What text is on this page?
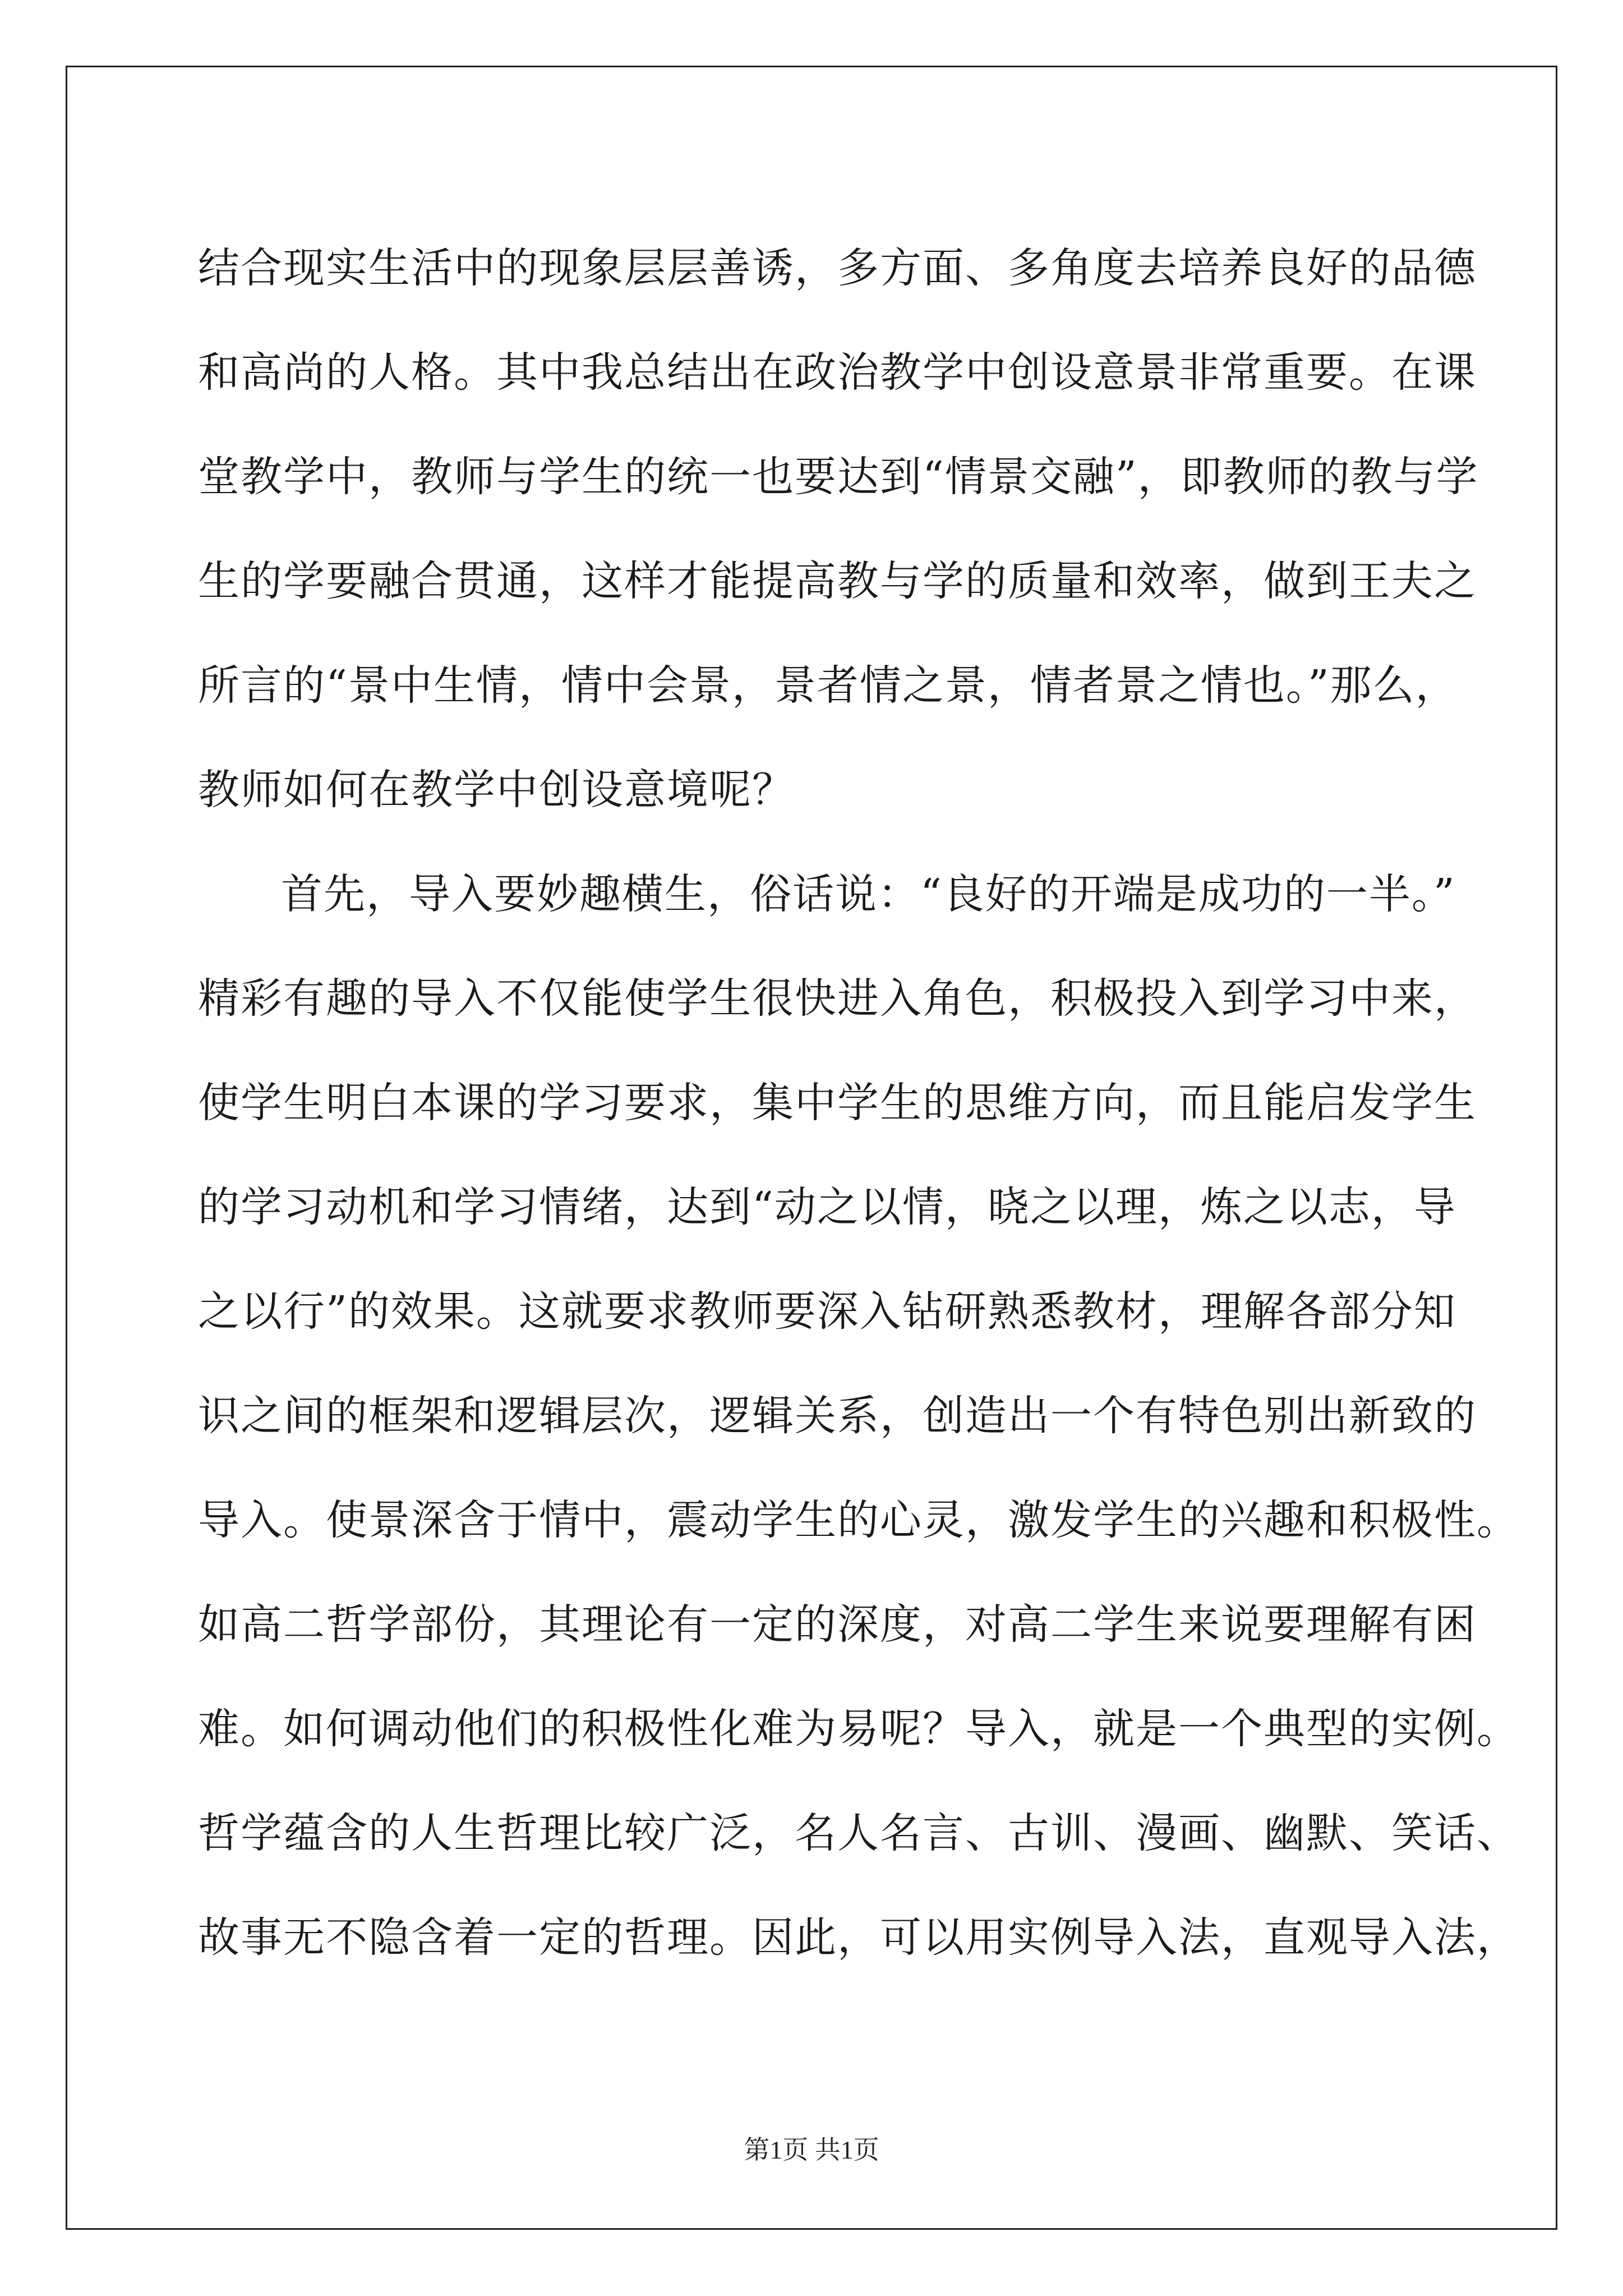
结合现实生活中的现象层层善诱，多方面、多角度去培养良好的品德
和高尚的人格。其中我总结出在政治教学中创设意景非常重要。在课
堂教学中，教师与学生的统一也要达到“情景交融”，即教师的教与学
生的学要融合贯通，这样才能提高教与学的质量和效率，做到王夫之
所言的“景中生情，情中会景，景者情之景，情者景之情也。”那么，
教师如何在教学中创设意境呢？
首先，导入要妙趣横生，俗话说：“良好的开端是成功的一半。”
精彩有趣的导入不仅能使学生很快进入角色，积极投入到学习中来，
使学生明白本课的学习要求，集中学生的思维方向，而且能启发学生
的学习动机和学习情绪，达到“动之以情，晓之以理，炼之以志，导
之以行”的效果。这就要求教师要深入钻研熟悉教材，理解各部分知
识之间的框架和逻辑层次，逻辑关系，创造出一个有特色别出新致的
导入。使景深含于情中，震动学生的心灵，激发学生的兴趣和积极性。
如高二哲学部份，其理论有一定的深度，对高二学生来说要理解有困
难。如何调动他们的积极性化难为易呢？导入，就是一个典型的实例。
哲学蕴含的人生哲理比较广泛，名人名言、古训、漫画、幽默、笑话、
故事无不隐含着一定的哲理。因此，可以用实例导入法，直观导入法，
第1页 共1页
